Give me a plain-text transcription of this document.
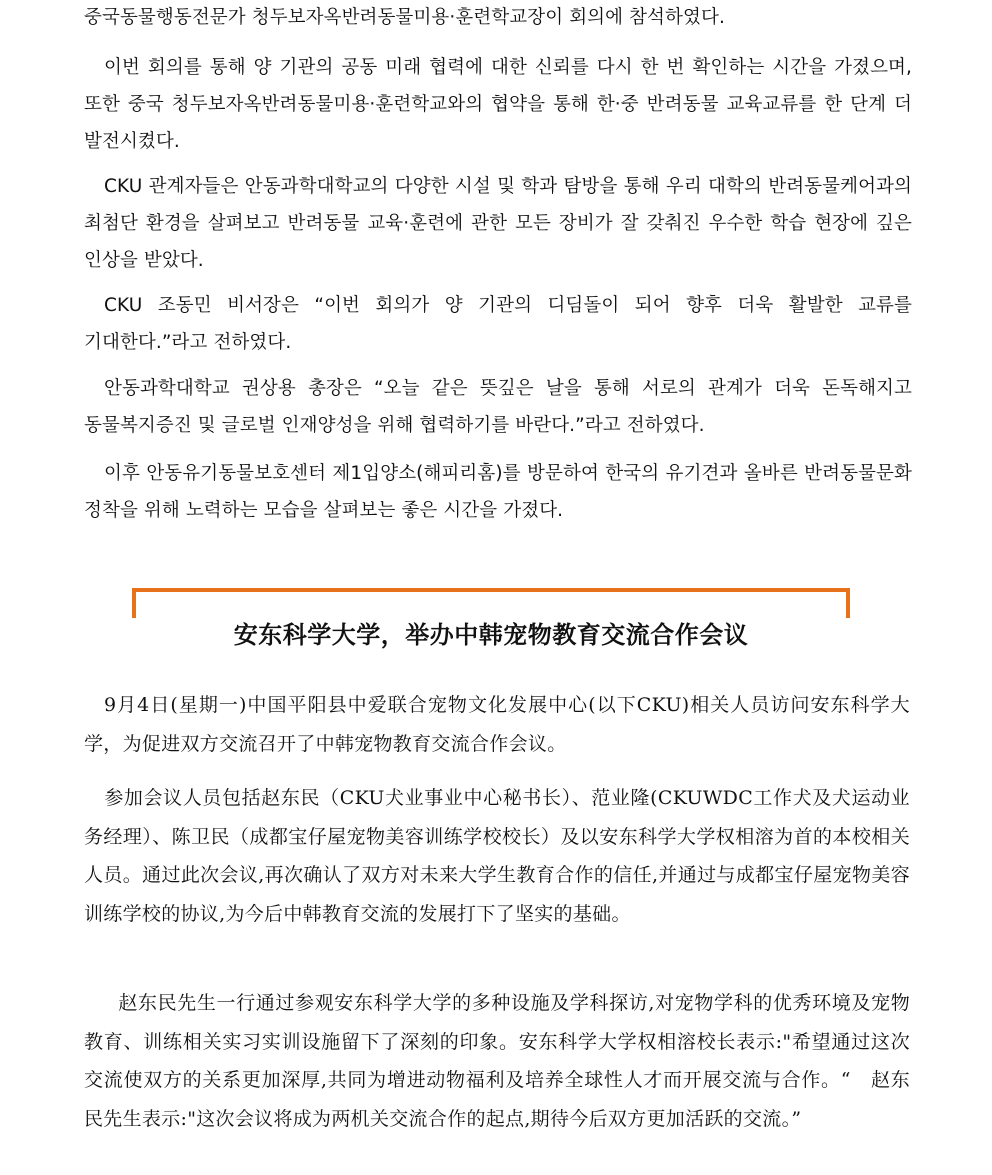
중국동물행동전문가 청두보자옥반려동물미용·훈련학교장이 회의에 참석하였다.

이번 회의를 통해 양 기관의 공동 미래 협력에 대한 신뢰를 다시 한 번 확인하는 시간을 가졌으며, 또한 중국 청두보자옥반려동물미용·훈련학교와의 협약을 통해 한·중 반려동물 교육교류를 한 단계 더 발전시켰다.

CKU 관계자들은 안동과학대학교의 다양한 시설 및 학과 탐방을 통해 우리 대학의 반려동물케어과의 최첨단 환경을 살펴보고 반려동물 교육·훈련에 관한 모든 장비가 잘 갖춰진 우수한 학습 현장에 깊은 인상을 받았다.

CKU 조동민 비서장은 “이번 회의가 양 기관의 디딤돌이 되어 향후 더욱 활발한 교류를 기대한다.”라고 전하였다.

안동과학대학교 권상용 총장은 “오늘 같은 뜻깊은 날을 통해 서로의 관계가 더욱 돈독해지고 동물복지증진 및 글로벌 인재양성을 위해 협력하기를 바란다.”라고 전하였다.

이후 안동유기동물보호센터 제1입양소(해피리홈)를 방문하여 한국의 유기견과 올바른 반려동물문화 정착을 위해 노력하는 모습을 살펴보는 좋은 시간을 가졌다.

安东科学大学，举办中韩宠物教育交流合作会议

9月4日(星期一)中国平阳县中爱联合宠物文化发展中心(以下CKU)相关人员访问安东科学大学，为促进双方交流召开了中韩宠物教育交流合作会议。

参加会议人员包括赵东民（CKU犬业事业中心秘书长）、范业隆(CKUWDC工作犬及犬运动业务经理）、陈卫民（成都宝仔屋宠物美容训练学校校长）及以安东科学大学权相溶为首的本校相关人员。通过此次会议,再次确认了双方对未来大学生教育合作的信任,并通过与成都宝仔屋宠物美容训练学校的协议,为今后中韩教育交流的发展打下了坚实的基础。

赵东民先生一行通过参观安东科学大学的多种设施及学科探访,对宠物学科的优秀环境及宠物教育、训练相关实习实训设施留下了深刻的印象。安东科学大学权相溶校长表示:"希望通过这次交流使双方的关系更加深厚,共同为增进动物福利及培养全球性人才而开展交流与合作。“　赵东民先生表示:"这次会议将成为两机关交流合作的起点,期待今后双方更加活跃的交流。”
